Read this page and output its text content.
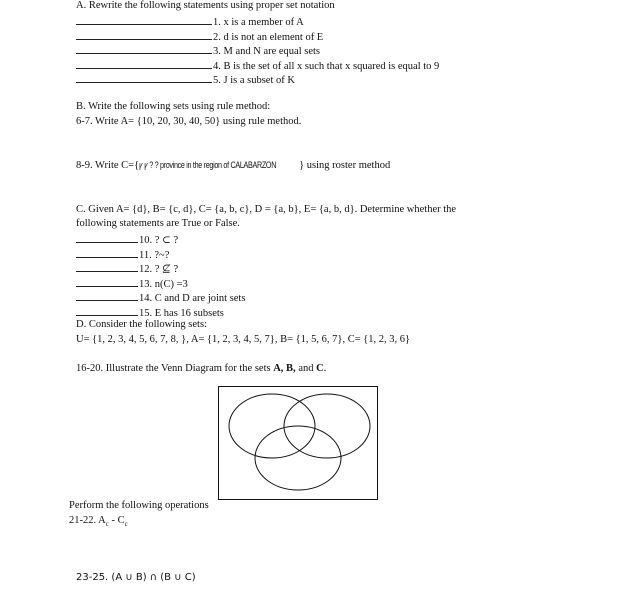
A. Rewrite the following statements using proper set notation
1. x is a member of A
2. d is not an element of E
3. M and N are equal sets
4. B is the set of all x such that x squared is equal to 9
5. J is a subset of K
B. Write the following sets using rule method:
6-7. Write A= {10, 20, 30, 40, 50} using rule method.
8-9. Write C={ꝩ ꝩ ? ? province in the region of CALABARZON } using roster method
C. Given A= {d}, B= {c, d}, C= {a, b, c}, D = {a, b}, E= {a, b, d}. Determine whether the
following statements are True or False.
10. ? ⊂ ?
11. ?~?
12. ? ⊈ ?
13. n(C) =3
14. C and D are joint sets
15. E has 16 subsets
D. Consider the following sets:
U= {1, 2, 3, 4, 5, 6, 7, 8, }, A= {1, 2, 3, 4, 5, 7}, B= {1, 5, 6, 7}, C= {1, 2, 3, 6}
16-20. Illustrate the Venn Diagram for the sets A, B, and C.
Perform the following operations
21-22. $A_c - C_c$
23-25. (A ∪ B) ∩ (B ∪ C)
